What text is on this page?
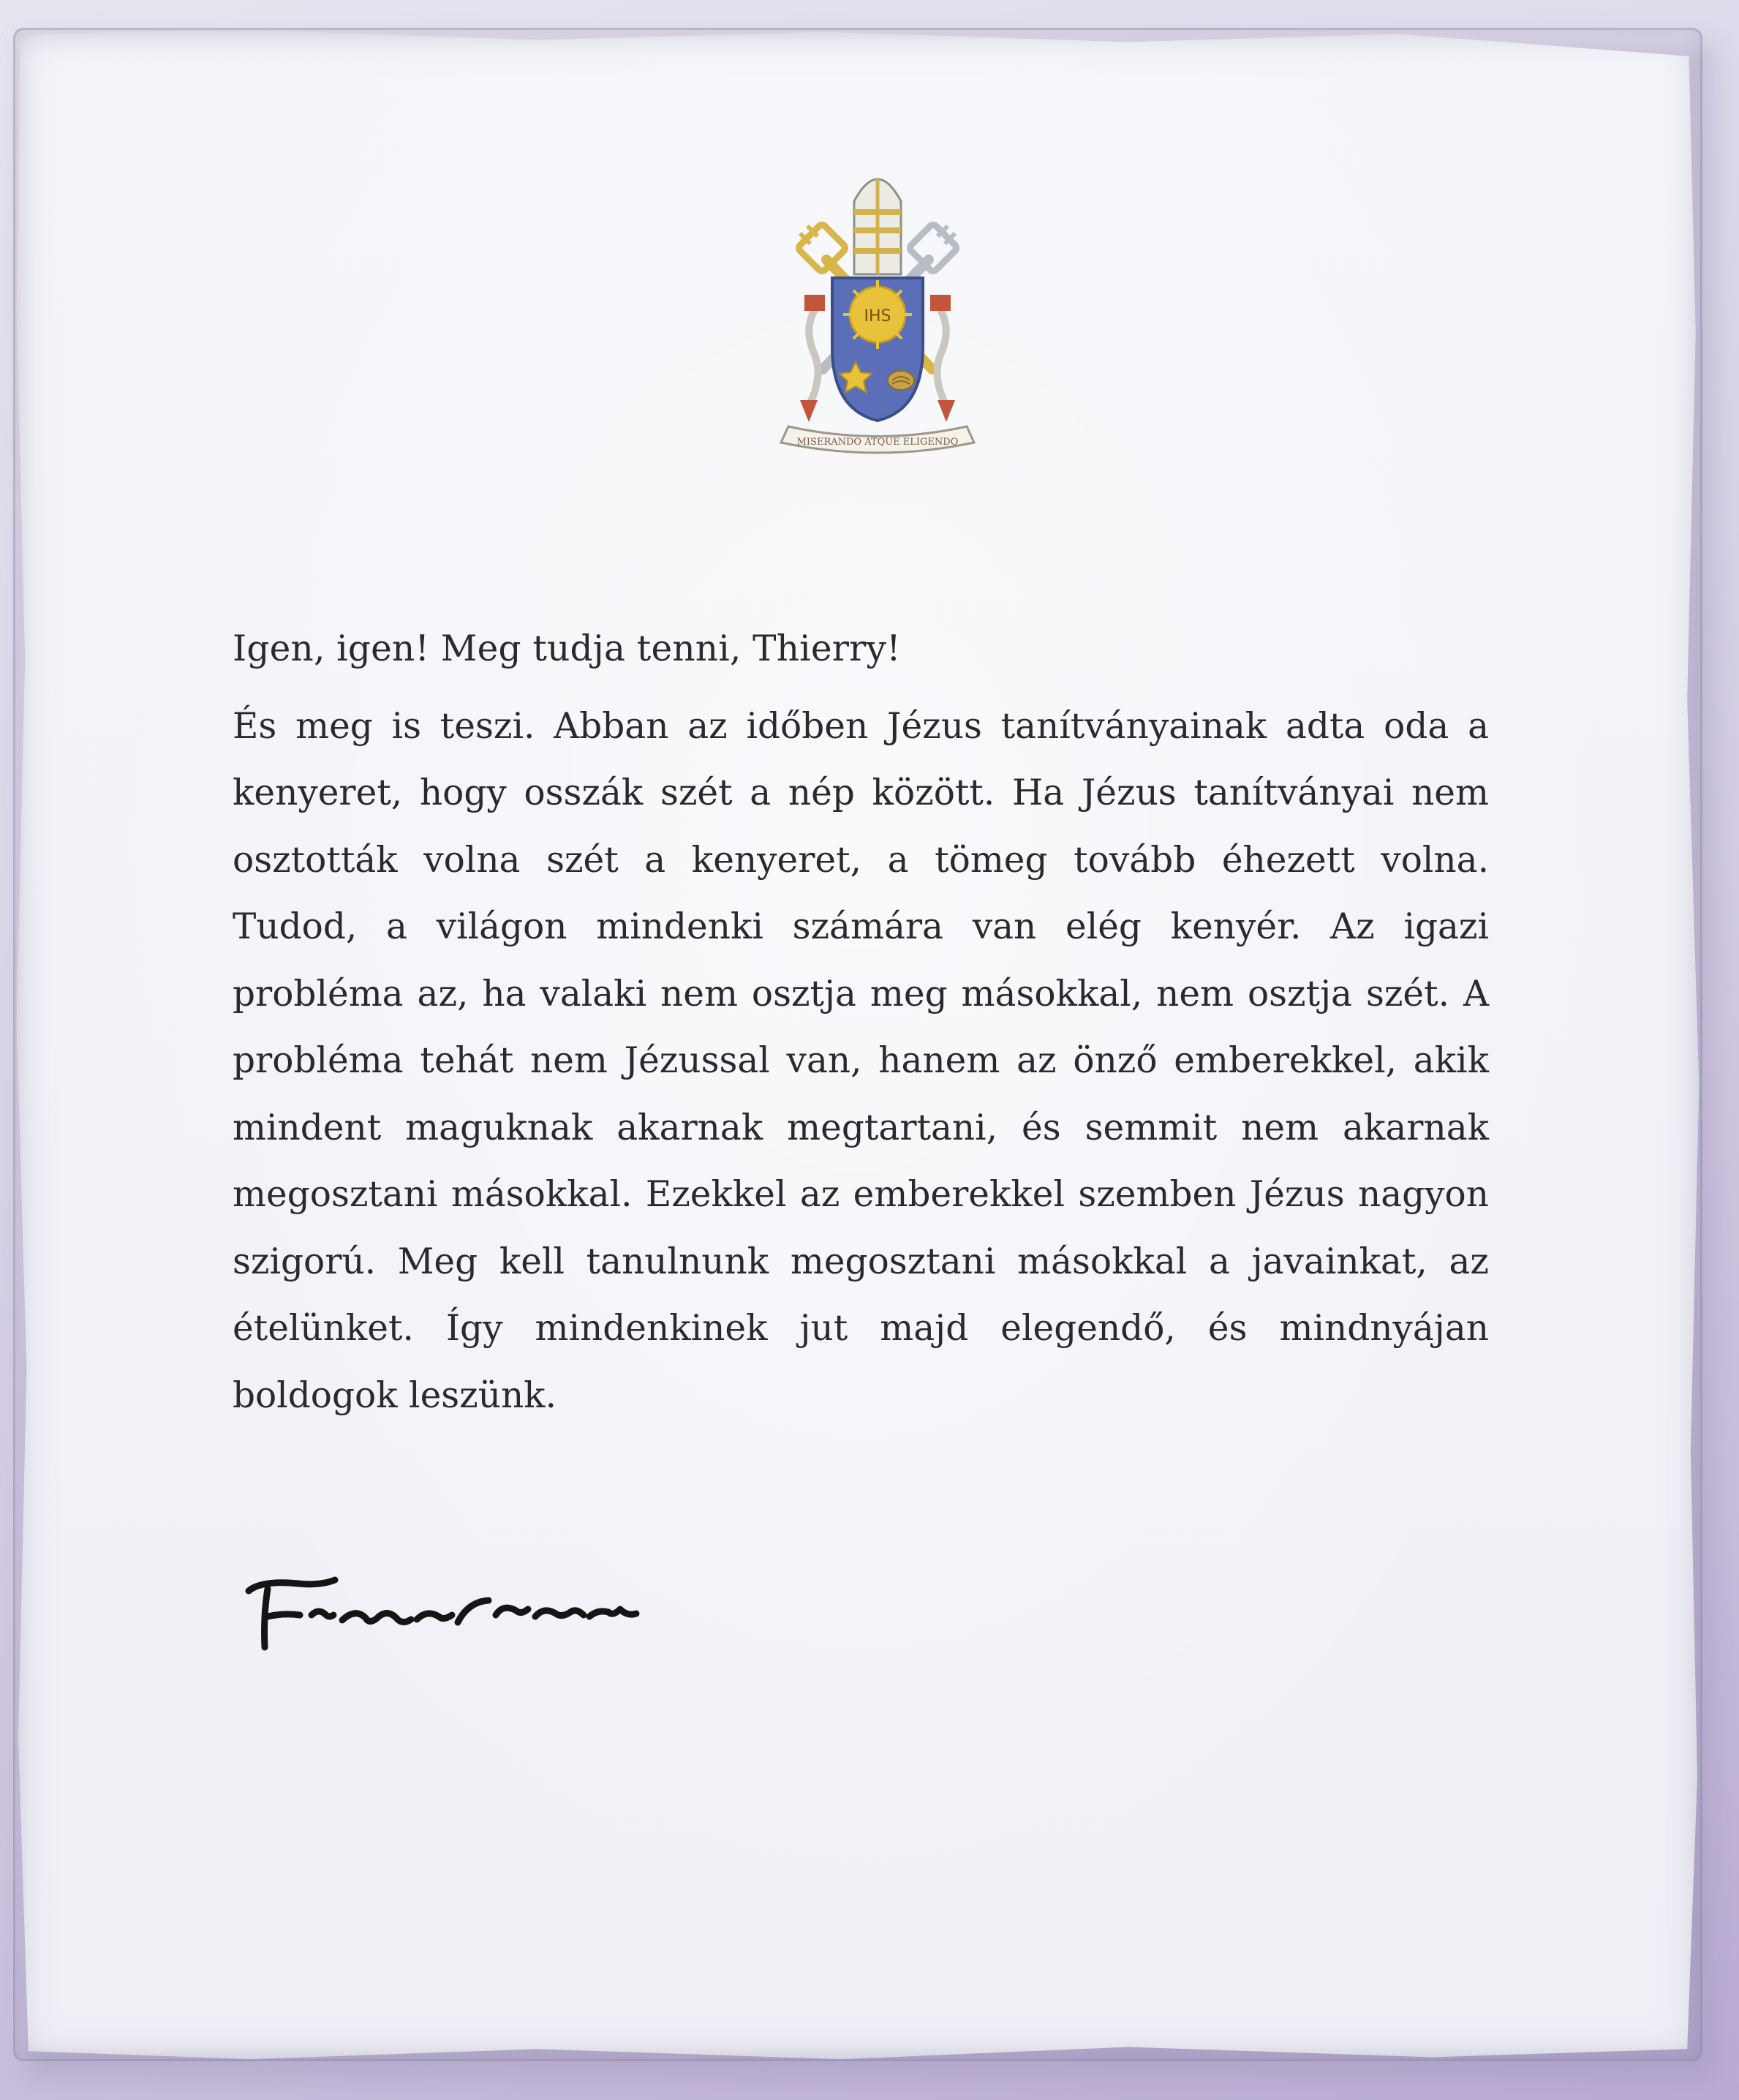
IHS
MISERANDO ATQUE ELIGENDO

Igen, igen! Meg tudja tenni, Thierry!

És meg is teszi. Abban az időben Jézus tanítványainak adta oda a kenyeret, hogy osszák szét a nép között. Ha Jézus tanítványai nem osztották volna szét a kenyeret, a tömeg tovább éhezett volna. Tudod, a világon mindenki számára van elég kenyér. Az igazi probléma az, ha valaki nem osztja meg másokkal, nem osztja szét. A probléma tehát nem Jézussal van, hanem az önző emberekkel, akik mindent maguknak akarnak megtartani, és semmit nem akarnak megosztani másokkal. Ezekkel az emberekkel szemben Jézus nagyon szigorú. Meg kell tanulnunk megosztani másokkal a javainkat, az ételünket. Így mindenkinek jut majd elegendő, és mindnyájan boldogok leszünk.
